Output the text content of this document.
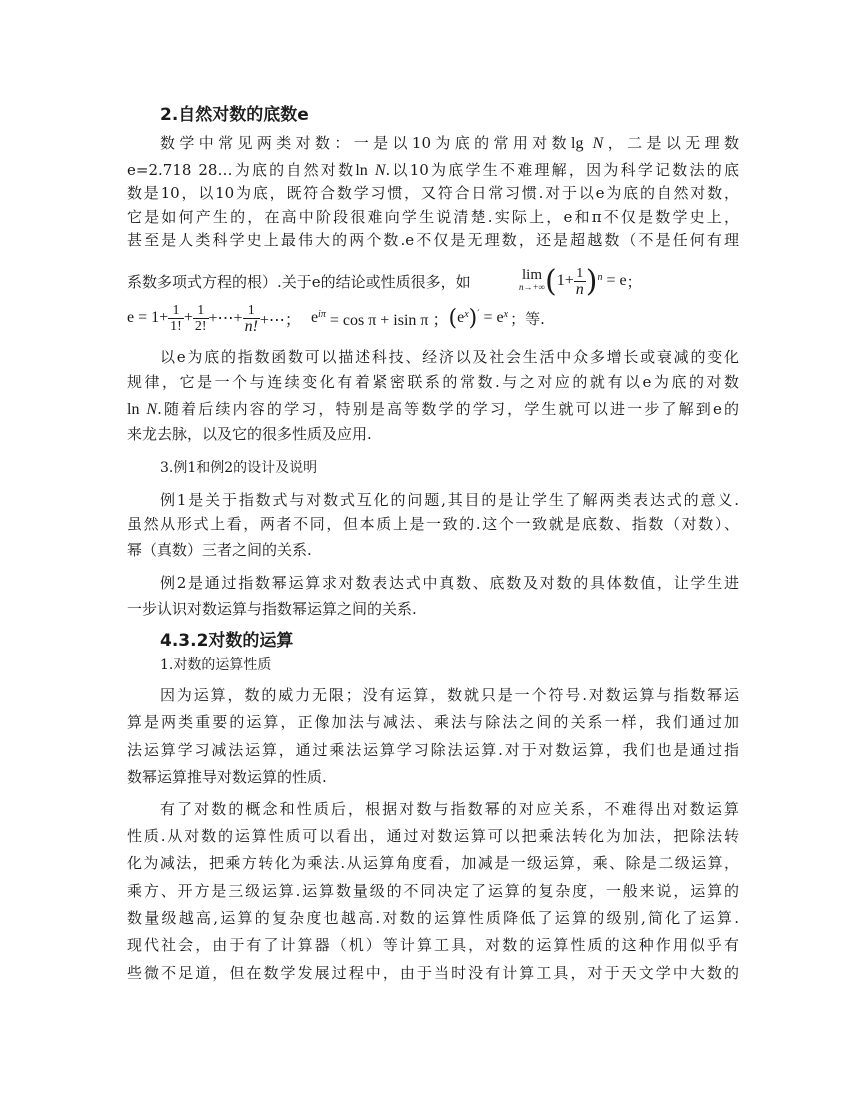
2.自然对数的底数e

数学中常见两类对数：一是以10为底的常用对数lg N，二是以无理数

e=2.718 28…为底的自然对数ln N.以10为底学生不难理解，因为科学记数法的底

数是10，以10为底，既符合数学习惯，又符合日常习惯.对于以e为底的自然对数，

它是如何产生的，在高中阶段很难向学生说清楚.实际上，e和π不仅是数学史上，

甚至是人类科学史上最伟大的两个数.e不仅是无理数，还是超越数（不是任何有理

系数多项式方程的根）.关于e的结论或性质很多，如	lim
n→+∞ ( $1+ \frac{1}{n}$ ) n = e ；
$e = 1+ \frac{1}{1!} + \frac{1}{2!}$ +⋯+ $\frac{1}{n!}$ +⋯； e iπ = cos π + isin π ； ( e x ) ′ = e x ；等.

以e为底的指数函数可以描述科技、经济以及社会生活中众多增长或衰减的变化

规律，它是一个与连续变化有着紧密联系的常数.与之对应的就有以e为底的对数

ln N.随着后续内容的学习，特别是高等数学的学习，学生就可以进一步了解到e的

来龙去脉，以及它的很多性质及应用.

3.例1和例2的设计及说明

例1是关于指数式与对数式互化的问题,其目的是让学生了解两类表达式的意义.

虽然从形式上看，两者不同，但本质上是一致的.这个一致就是底数、指数（对数）、

幂（真数）三者之间的关系.

例2是通过指数幂运算求对数表达式中真数、底数及对数的具体数值，让学生进

一步认识对数运算与指数幂运算之间的关系.

4.3.2对数的运算

1.对数的运算性质

因为运算，数的威力无限；没有运算，数就只是一个符号.对数运算与指数幂运

算是两类重要的运算，正像加法与减法、乘法与除法之间的关系一样，我们通过加

法运算学习减法运算，通过乘法运算学习除法运算.对于对数运算，我们也是通过指

数幂运算推导对数运算的性质.

有了对数的概念和性质后，根据对数与指数幂的对应关系，不难得出对数运算

性质.从对数的运算性质可以看出，通过对数运算可以把乘法转化为加法，把除法转

化为减法，把乘方转化为乘法.从运算角度看，加减是一级运算，乘、除是二级运算，

乘方、开方是三级运算.运算数量级的不同决定了运算的复杂度，一般来说，运算的

数量级越高,运算的复杂度也越高.对数的运算性质降低了运算的级别,简化了运算.

现代社会，由于有了计算器（机）等计算工具，对数的运算性质的这种作用似乎有

些微不足道，但在数学发展过程中，由于当时没有计算工具，对于天文学中大数的
